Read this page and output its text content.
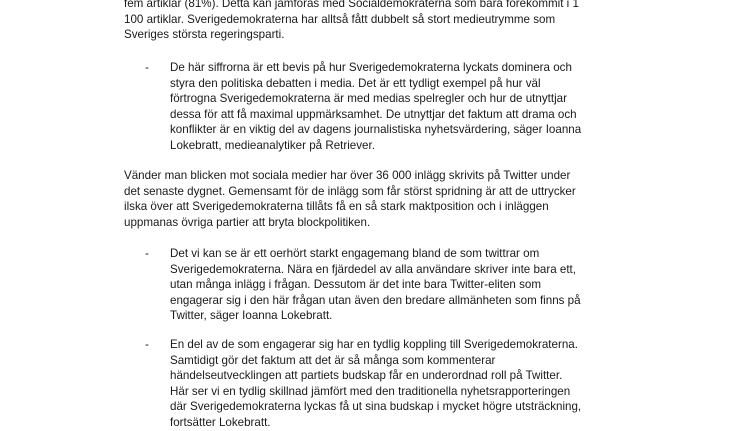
fem artiklar (81%). Detta kan jämföras med Socialdemokraterna som bara förekommit i 1
100 artiklar. Sverigedemokraterna har alltså fått dubbelt så stort medieutrymme som
Sveriges största regeringsparti.
-	De här siffrorna är ett bevis på hur Sverigedemokraterna lyckats dominera och
styra den politiska debatten i media. Det är ett tydligt exempel på hur väl
förtrogna Sverigedemokraterna är med medias spelregler och hur de utnyttjar
dessa för att få maximal uppmärksamhet. De utnyttjar det faktum att drama och
konflikter är en viktig del av dagens journalistiska nyhetsvärdering, säger Ioanna
Lokebratt, medieanalytiker på Retriever.
Vänder man blicken mot sociala medier har över 36 000 inlägg skrivits på Twitter under
det senaste dygnet. Gemensamt för de inlägg som får störst spridning är att de uttrycker
ilska över att Sverigedemokraterna tillåts få en så stark maktposition och i inläggen
uppmanas övriga partier att bryta blockpolitiken.
-	Det vi kan se är ett oerhört starkt engagemang bland de som twittrar om
Sverigedemokraterna. Nära en fjärdedel av alla användare skriver inte bara ett,
utan många inlägg i frågan. Dessutom är det inte bara Twitter-eliten som
engagerar sig i den här frågan utan även den bredare allmänheten som finns på
Twitter, säger Ioanna Lokebratt.
-	En del av de som engagerar sig har en tydlig koppling till Sverigedemokraterna.
Samtidigt gör det faktum att det är så många som kommenterar
händelseutvecklingen att partiets budskap får en underordnad roll på Twitter.
Här ser vi en tydlig skillnad jämfört med den traditionella nyhetsrapporteringen
där Sverigedemokraterna lyckas få ut sina budskap i mycket högre utsträckning,
fortsätter Lokebratt.
